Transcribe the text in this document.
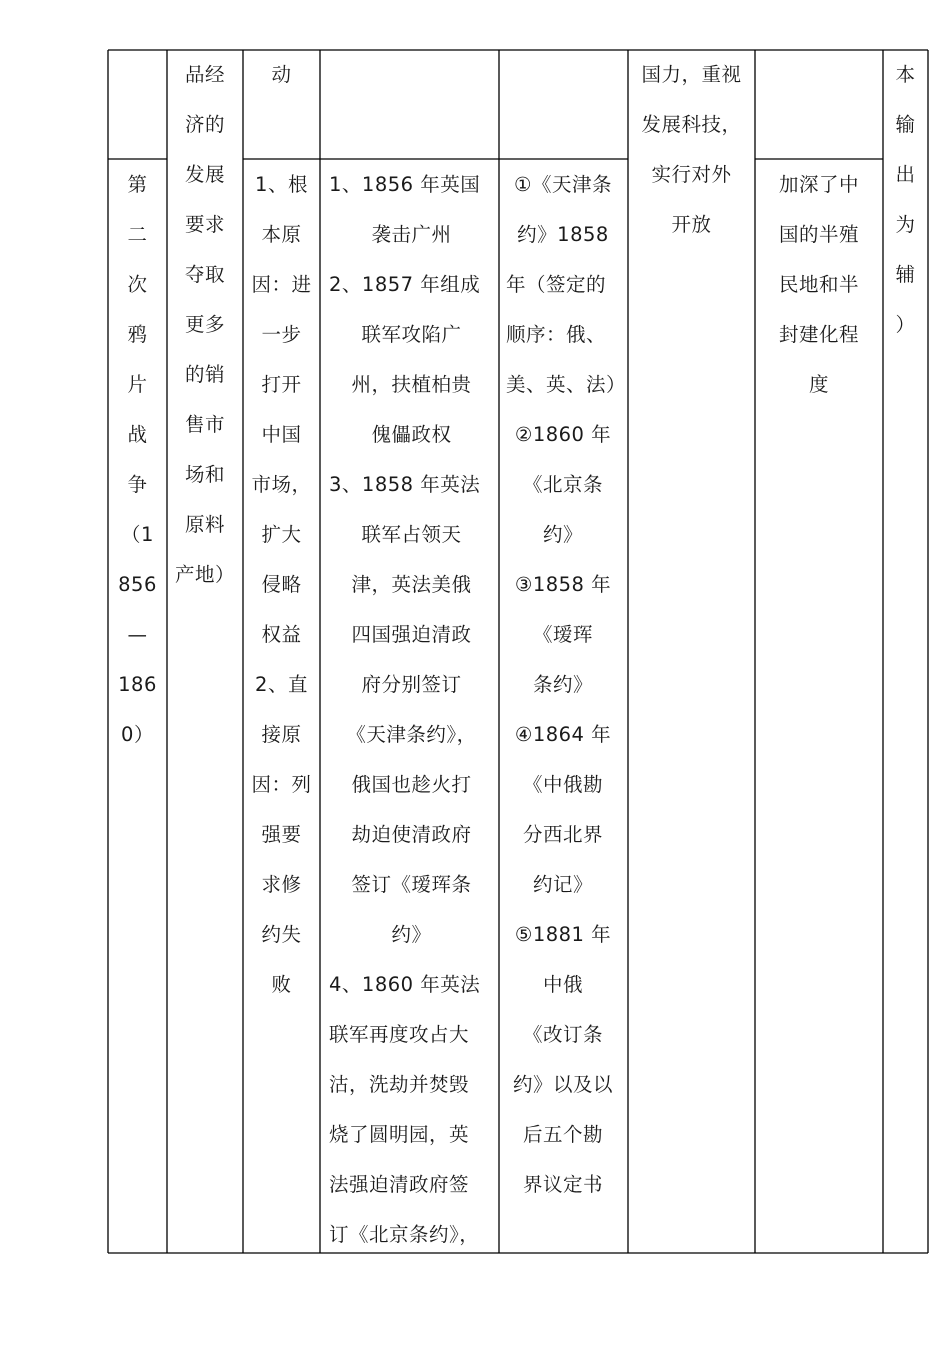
品经
济的
发展
要求
夺取
更多
的销
售市
场和
原料
产地）
动	国力，重视
发展科技，
实行对外
开放
本
输
出
为
辅
）
第
二
次
鸦
片
战
争
（1
856
—
186
0）
1、根
本原
因：进
一步
打开
中国
市场，
扩大
侵略
权益
2、直
接原
因：列
强要
求修
约失
败
1、1856 年英国
袭击广州
2、1857 年组成
联军攻陷广
州，扶植柏贵
傀儡政权
3、1858 年英法
联军占领天
津，英法美俄
四国强迫清政
府分别签订
《天津条约》，
俄国也趁火打
劫迫使清政府
签订《瑷珲条
约》
4、1860 年英法
联军再度攻占大
沽，洗劫并焚毁
烧了圆明园，英
法强迫清政府签
订《北京条约》，
①《天津条
约》1858
年（签定的
顺序：俄、
美、英、法）
②1860 年
《北京条
约》
③1858 年
《瑷珲
条约》
④1864 年
《中俄勘
分西北界
约记》
⑤1881 年
中俄
《改订条
约》以及以
后五个勘
界议定书
加深了中
国的半殖
民地和半
封建化程
度
